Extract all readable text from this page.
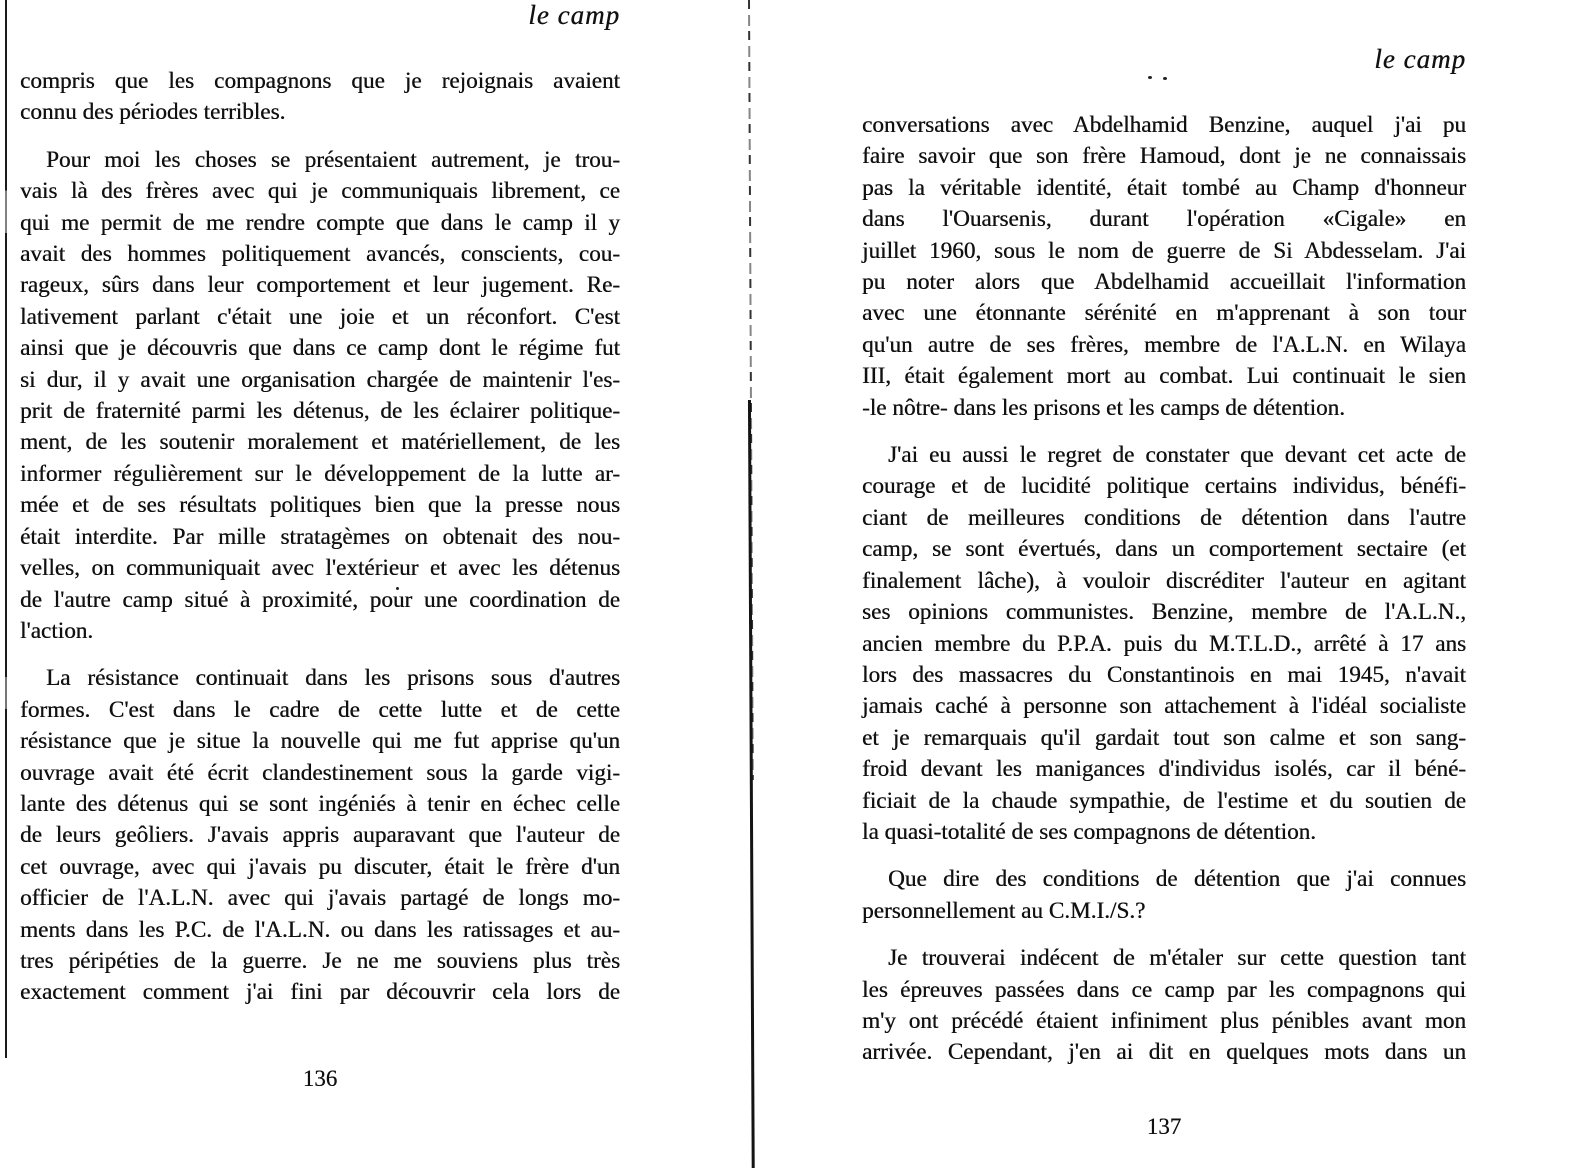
le camp
compris que les compagnons que je rejoignais avaient
connu des périodes terribles.
Pour moi les choses se présentaient autrement, je trou-
vais là des frères avec qui je communiquais librement, ce
qui me permit de me rendre compte que dans le camp il y
avait des hommes politiquement avancés, conscients, cou-
rageux, sûrs dans leur comportement et leur jugement. Re-
lativement parlant c'était une joie et un réconfort. C'est
ainsi que je découvris que dans ce camp dont le régime fut
si dur, il y avait une organisation chargée de maintenir l'es-
prit de fraternité parmi les détenus, de les éclairer politique-
ment, de les soutenir moralement et matériellement, de les
informer régulièrement sur le développement de la lutte ar-
mée et de ses résultats politiques bien que la presse nous
était interdite. Par mille stratagèmes on obtenait des nou-
velles, on communiquait avec l'extérieur et avec les détenus
de l'autre camp situé à proximité, pour une coordination de
l'action.
La résistance continuait dans les prisons sous d'autres
formes. C'est dans le cadre de cette lutte et de cette
résistance que je situe la nouvelle qui me fut apprise qu'un
ouvrage avait été écrit clandestinement sous la garde vigi-
lante des détenus qui se sont ingéniés à tenir en échec celle
de leurs geôliers. J'avais appris auparavant que l'auteur de
cet ouvrage, avec qui j'avais pu discuter, était le frère d'un
officier de l'A.L.N. avec qui j'avais partagé de longs mo-
ments dans les P.C. de l'A.L.N. ou dans les ratissages et au-
tres péripéties de la guerre. Je ne me souviens plus très
exactement comment j'ai fini par découvrir cela lors de
136
le camp
conversations avec Abdelhamid Benzine, auquel j'ai pu
faire savoir que son frère Hamoud, dont je ne connaissais
pas la véritable identité, était tombé au Champ d'honneur
dans l'Ouarsenis, durant l'opération «Cigale» en
juillet 1960, sous le nom de guerre de Si Abdesselam. J'ai
pu noter alors que Abdelhamid accueillait l'information
avec une étonnante sérénité en m'apprenant à son tour
qu'un autre de ses frères, membre de l'A.L.N. en Wilaya
III, était également mort au combat. Lui continuait le sien
-le nôtre- dans les prisons et les camps de détention.
J'ai eu aussi le regret de constater que devant cet acte de
courage et de lucidité politique certains individus, bénéfi-
ciant de meilleures conditions de détention dans l'autre
camp, se sont évertués, dans un comportement sectaire (et
finalement lâche), à vouloir discréditer l'auteur en agitant
ses opinions communistes. Benzine, membre de l'A.L.N.,
ancien membre du P.P.A. puis du M.T.L.D., arrêté à 17 ans
lors des massacres du Constantinois en mai 1945, n'avait
jamais caché à personne son attachement à l'idéal socialiste
et je remarquais qu'il gardait tout son calme et son sang-
froid devant les manigances d'individus isolés, car il béné-
ficiait de la chaude sympathie, de l'estime et du soutien de
la quasi-totalité de ses compagnons de détention.
Que dire des conditions de détention que j'ai connues
personnellement au C.M.I./S.?
Je trouverai indécent de m'étaler sur cette question tant
les épreuves passées dans ce camp par les compagnons qui
m'y ont précédé étaient infiniment plus pénibles avant mon
arrivée. Cependant, j'en ai dit en quelques mots dans un
137
